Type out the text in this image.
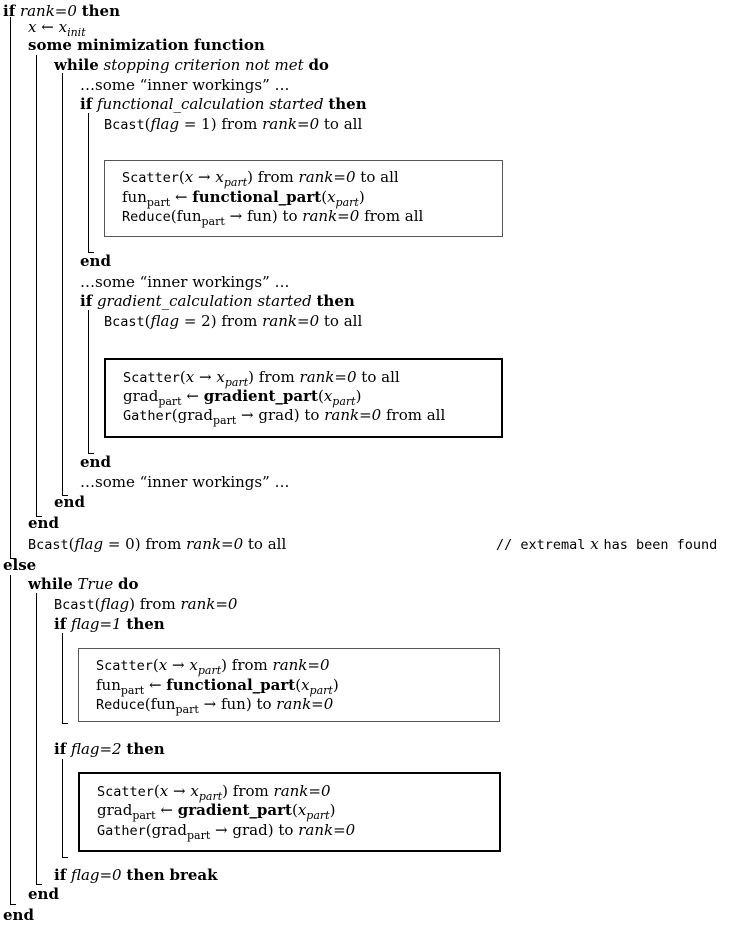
if rank=0 then
x ← $x_{init}$
some minimization function
while stopping criterion not met do
…some “inner workings” …
if functional_calculation started then
Bcast(flag = 1) from rank=0 to all
Scatter(x → $x_{part}$) from rank=0 to all
fun$_{part}$ ← $functional\_part(x_{part})$
Reduce(fun$_{part}$ → fun) to rank=0 from all
end
…some “inner workings” …
if gradient_calculation started then
Bcast(flag = 2) from rank=0 to all
Scatter(x → $x_{part}$) from rank=0 to all
grad$_{part}$ ← $gradient\_part(x_{part})$
Gather(grad$_{part}$ → grad) to rank=0 from all
end
…some “inner workings” …
end
end
Bcast(flag = 0) from rank=0 to all	// extremal x has been found
else
while True do
Bcast(flag) from rank=0
if flag=1 then
Scatter(x → $x_{part}$) from rank=0
fun$_{part}$ ← $functional\_part(x_{part})$
Reduce(fun$_{part}$ → fun) to rank=0
if flag=2 then
Scatter(x → $x_{part}$) from rank=0
grad$_{part}$ ← $gradient\_part(x_{part})$
Gather(grad$_{part}$ → grad) to rank=0
if flag=0 then break
end
end
